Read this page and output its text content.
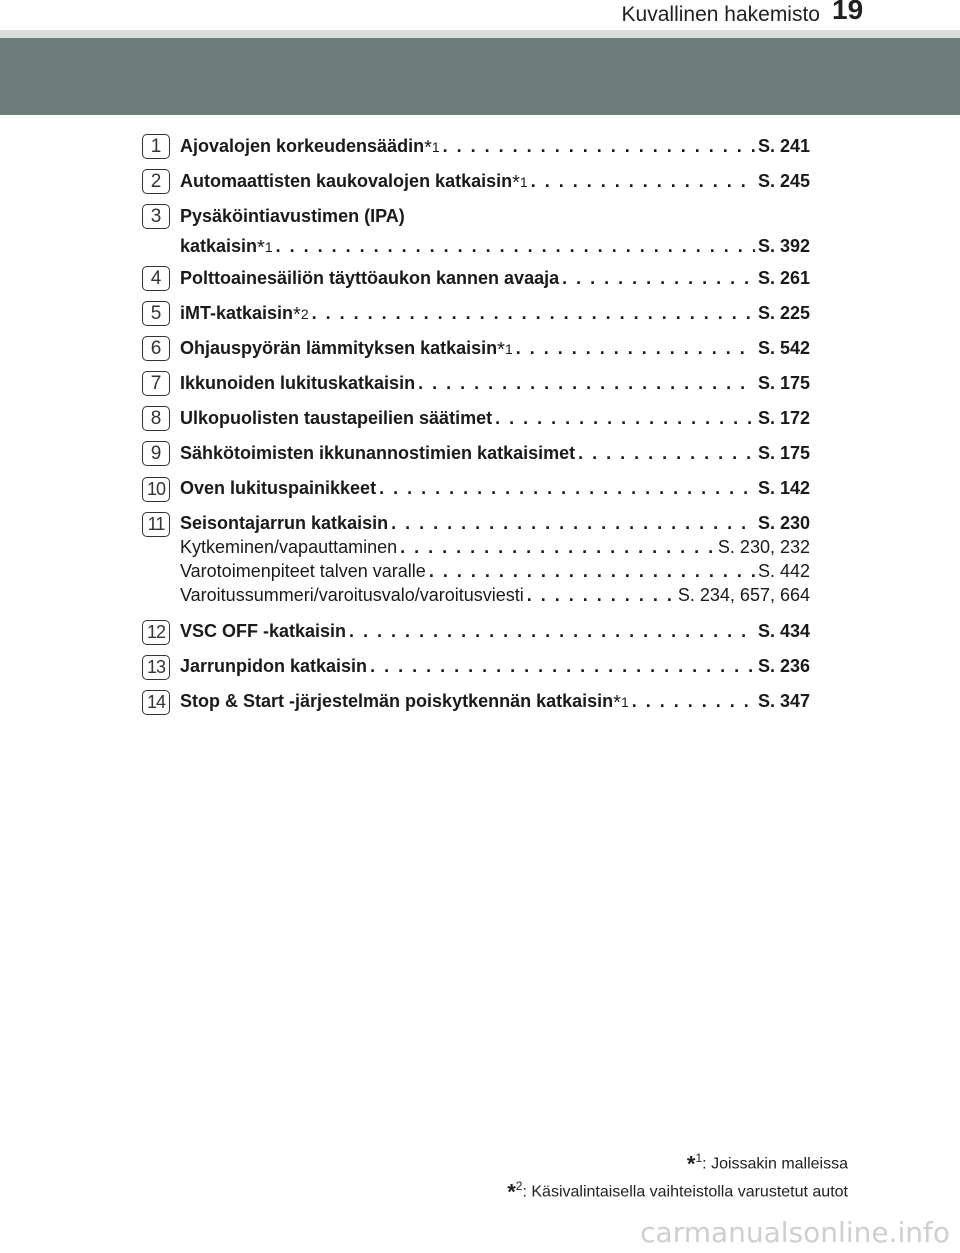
Kuvallinen hakemisto 19
1	Ajovalojen korkeudensäädin *1 . . .	S. 241
2	Automaattisten kaukovalojen katkaisin *1 . . .	S. 245
3	Pysäköintiavustimen (IPA)
katkaisin *1 . . .	S. 392
4	Polttoainesäiliön täyttöaukon kannen avaaja . . .	S. 261
5	iMT-katkaisin *2 . . .	S. 225
6	Ohjauspyörän lämmityksen katkaisin *1 . . .	S. 542
7	Ikkunoiden lukituskatkaisin . . .	S. 175
8	Ulkopuolisten taustapeilien säätimet . . .	S. 172
9	Sähkötoimisten ikkunannostimien katkaisimet . . .	S. 175
10 Oven lukituspainikkeet . . .	S. 142
11 Seisontajarrun katkaisin . . .	S. 230
Kytkeminen/vapauttaminen . . .	S. 230, 232
Varotoimenpiteet talven varalle . . .	S. 442
Varoitussummeri/varoitusvalo/varoitusviesti . . .	S. 234, 657, 664
12 VSC OFF -katkaisin . . .	S. 434
13 Jarrunpidon katkaisin . . .	S. 236
14 Stop & Start -järjestelmän poiskytkennän katkaisin *1 . . .	S. 347
*$^1$: Joissakin malleissa
*$^2$: Käsivalintaisella vaihteistolla varustetut autot
carmanualsonline.info
